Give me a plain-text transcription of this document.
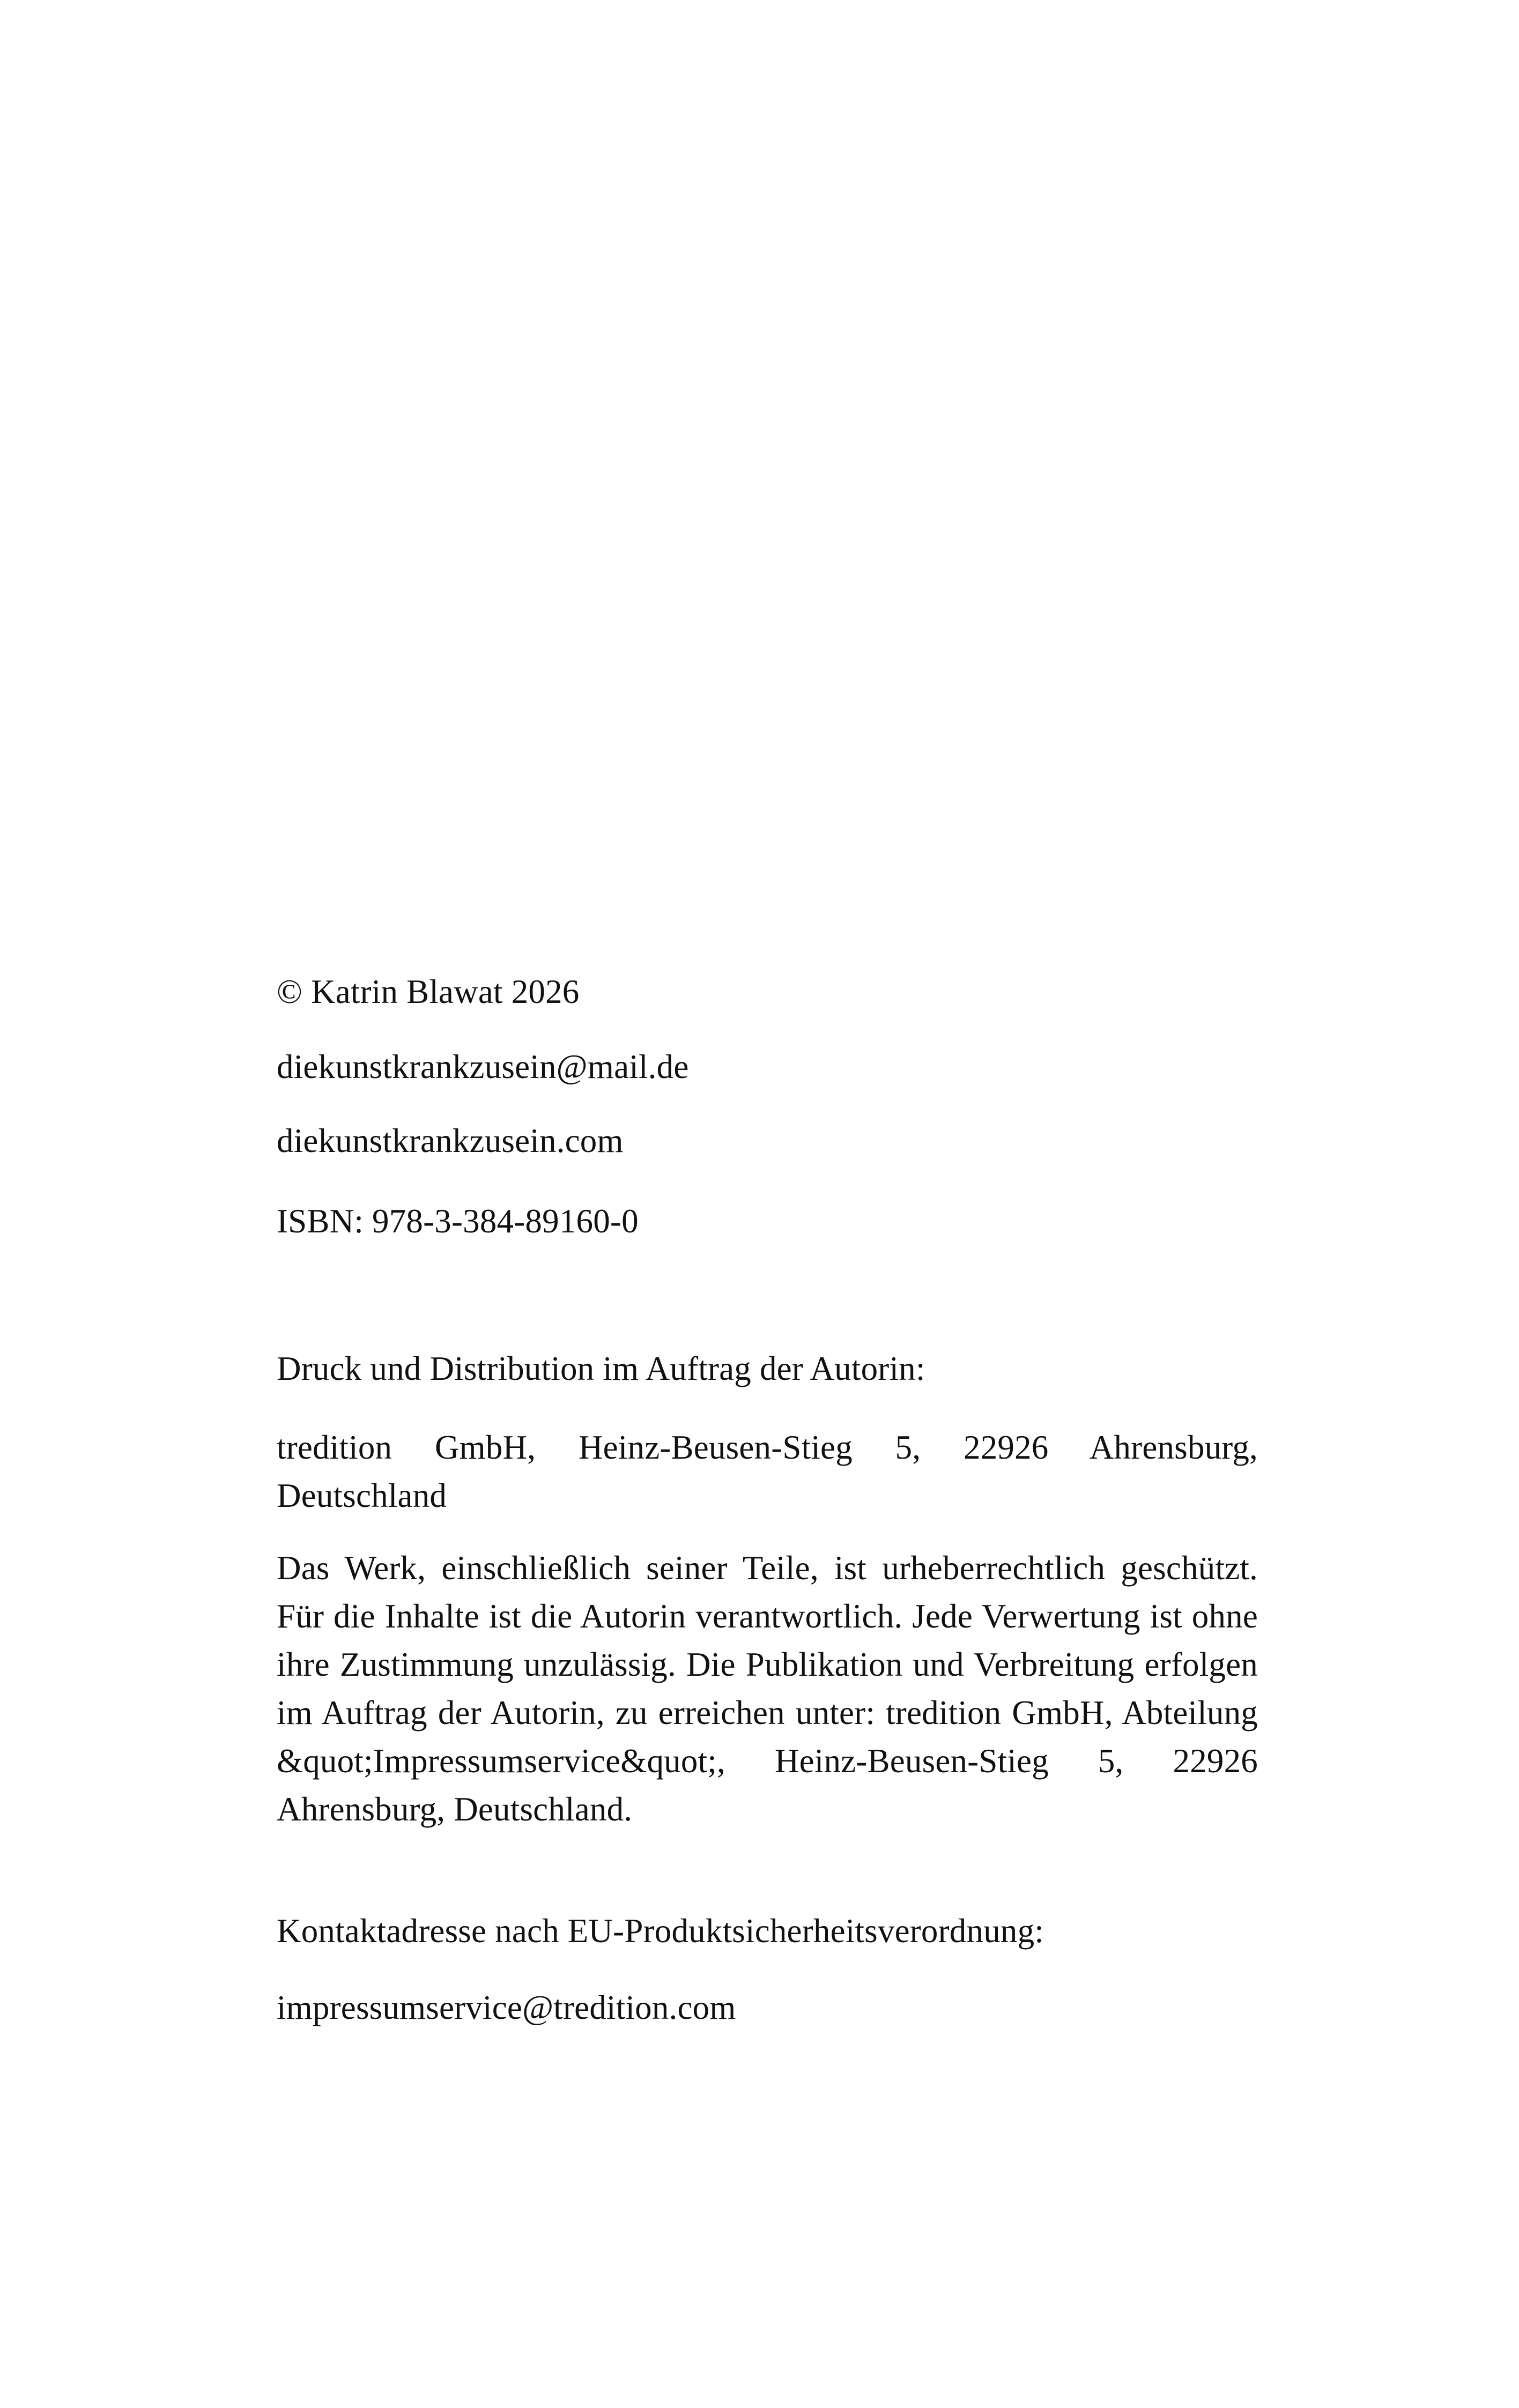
© Katrin Blawat 2026

diekunstkrankzusein@mail.de

diekunstkrankzusein.com

ISBN: 978-3-384-89160-0

Druck und Distribution im Auftrag der Autorin:

tredition GmbH, Heinz-Beusen-Stieg 5, 22926 Ahrensburg, Deutschland

Das Werk, einschließlich seiner Teile, ist urheberrechtlich geschützt. Für die Inhalte ist die Autorin verantwortlich. Jede Verwertung ist ohne ihre Zustimmung unzulässig. Die Publikation und Verbreitung erfolgen im Auftrag der Autorin, zu erreichen unter: tredition GmbH, Abteilung &quot;Impressumservice&quot;, Heinz-Beusen-Stieg 5, 22926 Ahrensburg, Deutschland.

Kontaktadresse nach EU-Produktsicherheitsverordnung:

impressumservice@tredition.com
